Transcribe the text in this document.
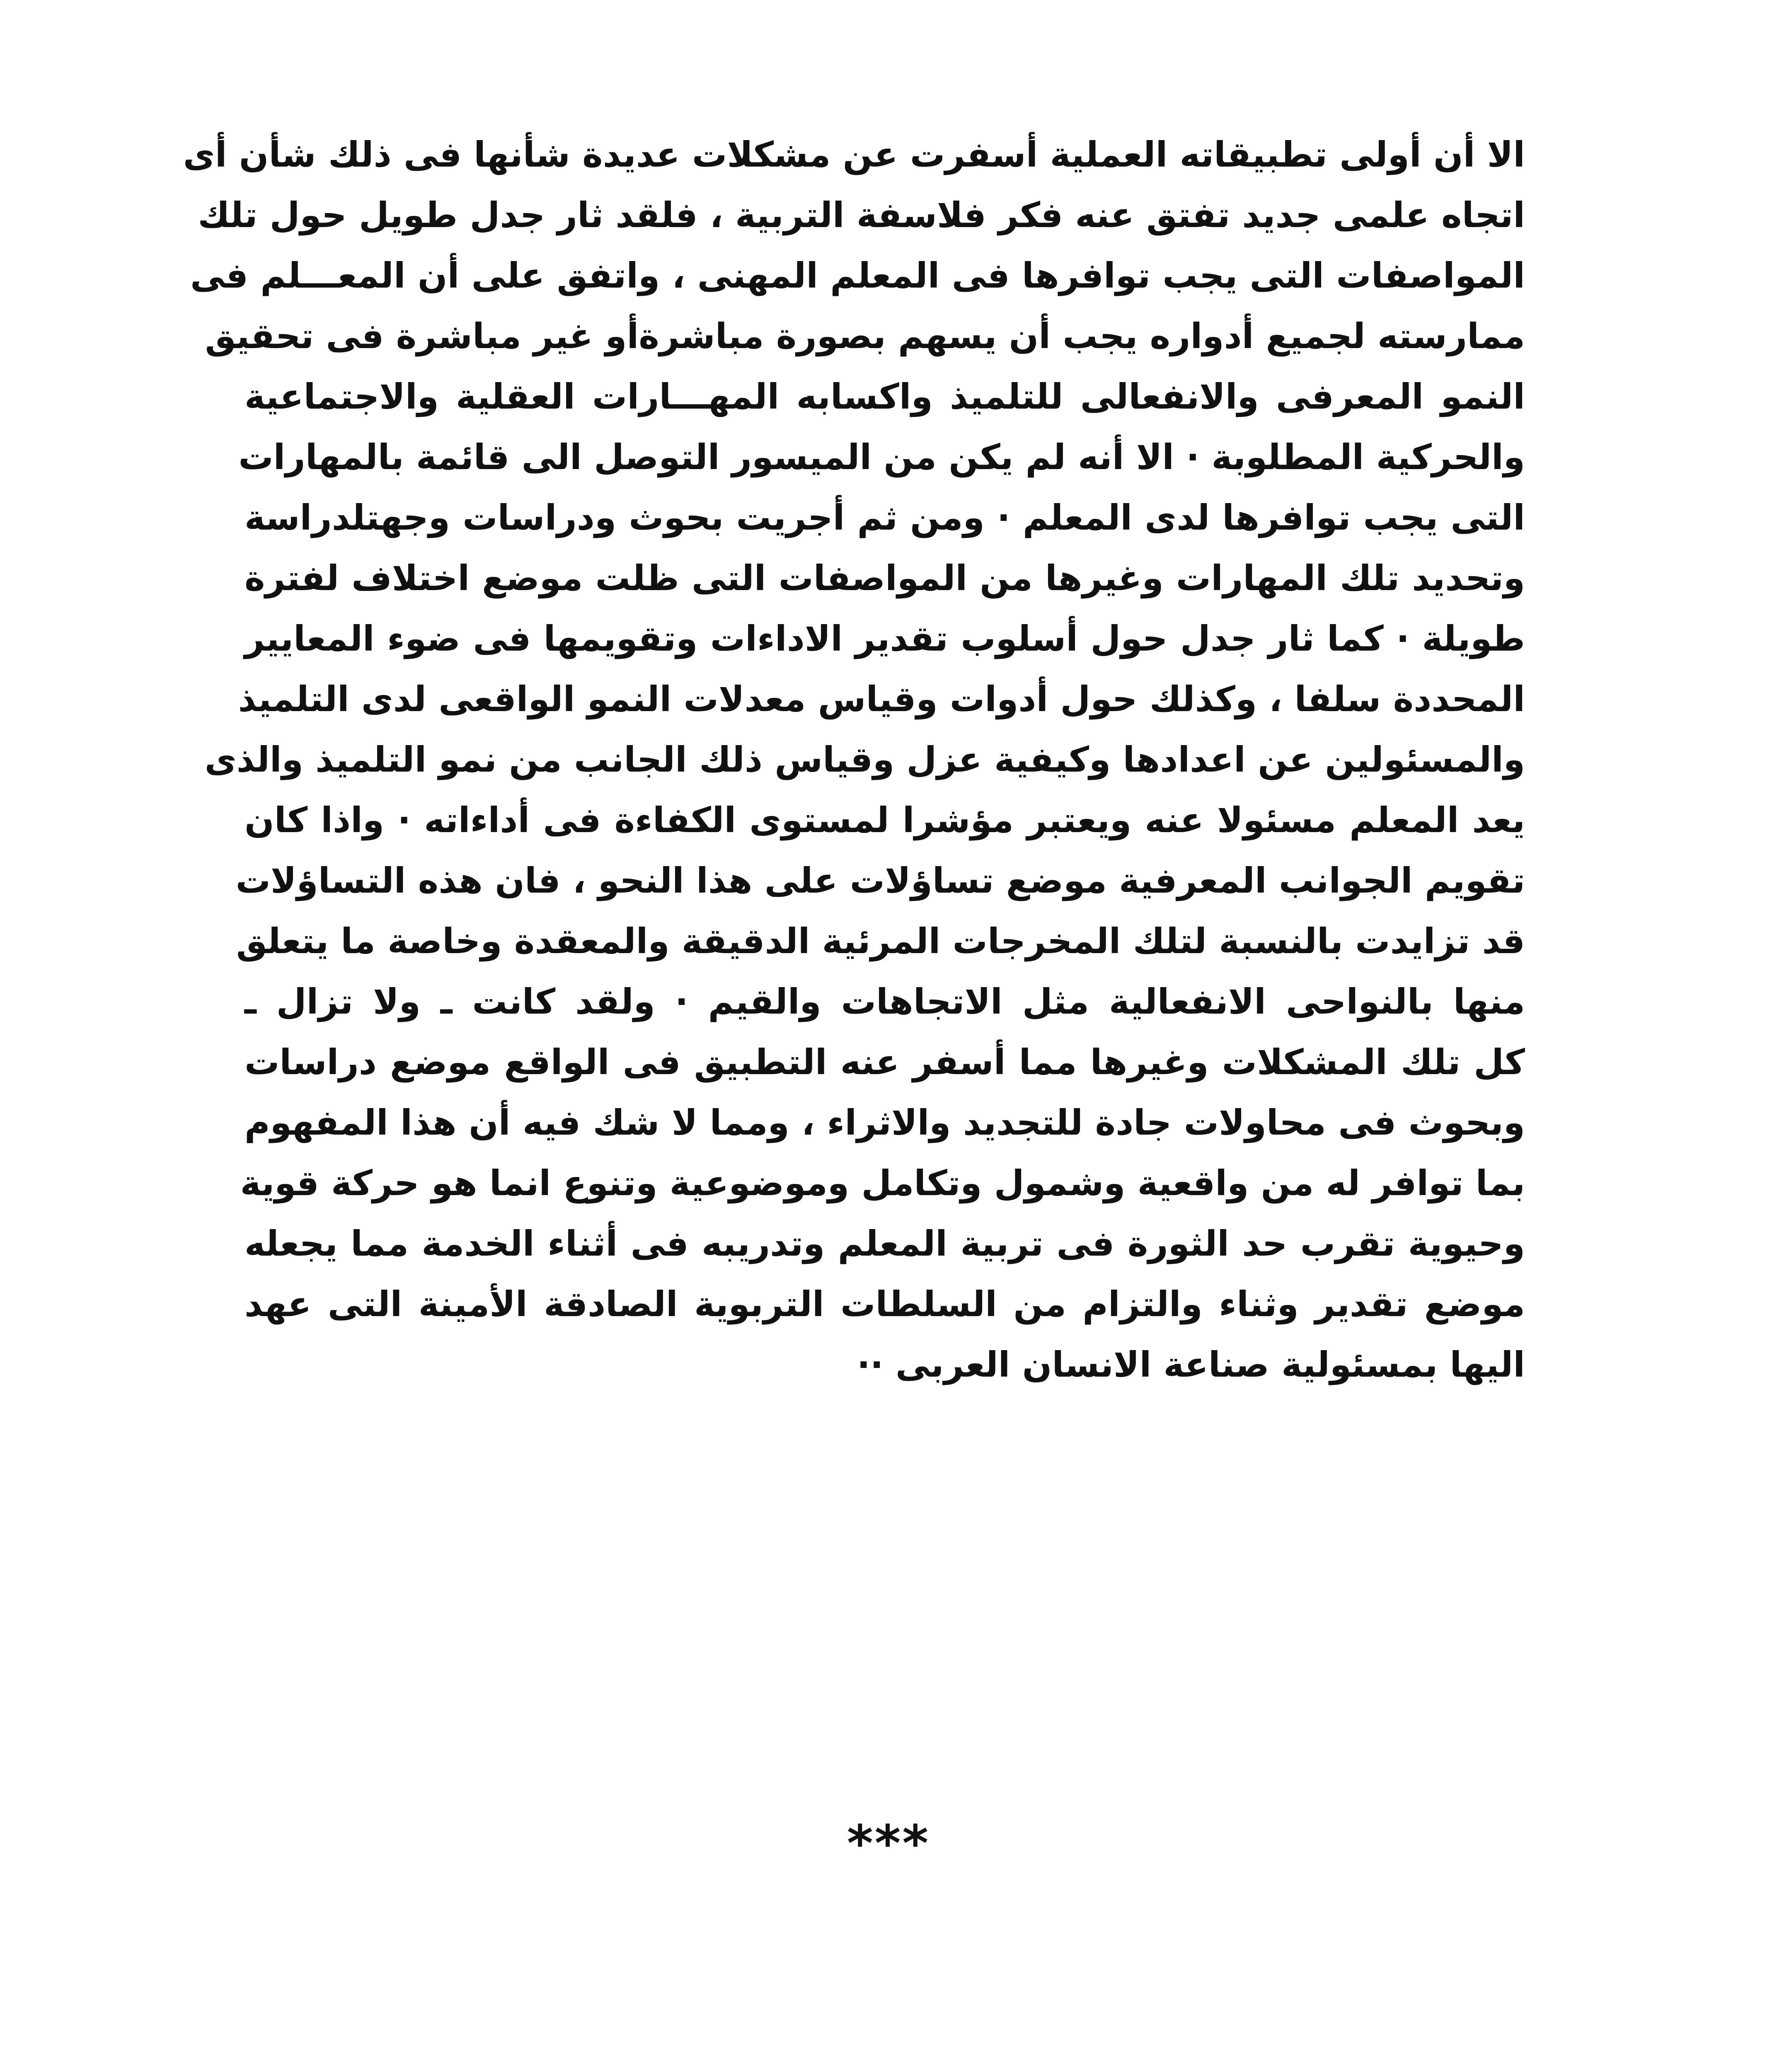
الا أن أولى تطبيقاته العملية أسفرت عن مشكلات عديدة شأنها فى ذلك شأن أى
اتجاه علمى جديد تفتق عنه فكر فلاسفة التربية ، فلقد ثار جدل طويل حول تلك
المواصفات التى يجب توافرها فى المعلم المهنى ، واتفق على أن المعـــلم فى
ممارسته لجميع أدواره يجب أن يسهم بصورة مباشرةأو غير مباشرة فى تحقيق
النمو المعرفى والانفعالى للتلميذ واكسابه المهـــارات العقلية والاجتماعية
والحركية المطلوبة · الا أنه لم يكن من الميسور التوصل الى قائمة بالمهارات
التى يجب توافرها لدى المعلم · ومن ثم أجريت بحوث ودراسات وجهتلدراسة
وتحديد تلك المهارات وغيرها من المواصفات التى ظلت موضع اختلاف لفترة
طويلة · كما ثار جدل حول أسلوب تقدير الاداءات وتقويمها فى ضوء المعايير
المحددة سلفا ، وكذلك حول أدوات وقياس معدلات النمو الواقعى لدى التلميذ
والمسئولين عن اعدادها وكيفية عزل وقياس ذلك الجانب من نمو التلميذ والذى
يعد المعلم مسئولا عنه ويعتبر مؤشرا لمستوى الكفاءة فى أداءاته · واذا كان
تقويم الجوانب المعرفية موضع تساؤلات على هذا النحو ، فان هذه التساؤلات
قد تزايدت بالنسبة لتلك المخرجات المرئية الدقيقة والمعقدة وخاصة ما يتعلق
منها بالنواحى الانفعالية مثل الاتجاهات والقيم · ولقد كانت ـ ولا تزال ـ
كل تلك المشكلات وغيرها مما أسفر عنه التطبيق فى الواقع موضع دراسات
وبحوث فى محاولات جادة للتجديد والاثراء ، ومما لا شك فيه أن هذا المفهوم
بما توافر له من واقعية وشمول وتكامل وموضوعية وتنوع انما هو حركة قوية
وحيوية تقرب حد الثورة فى تربية المعلم وتدريبه فى أثناء الخدمة مما يجعله
موضع تقدير وثناء والتزام من السلطات التربوية الصادقة الأمينة التى عهد
اليها بمسئولية صناعة الانسان العربى ··
***
